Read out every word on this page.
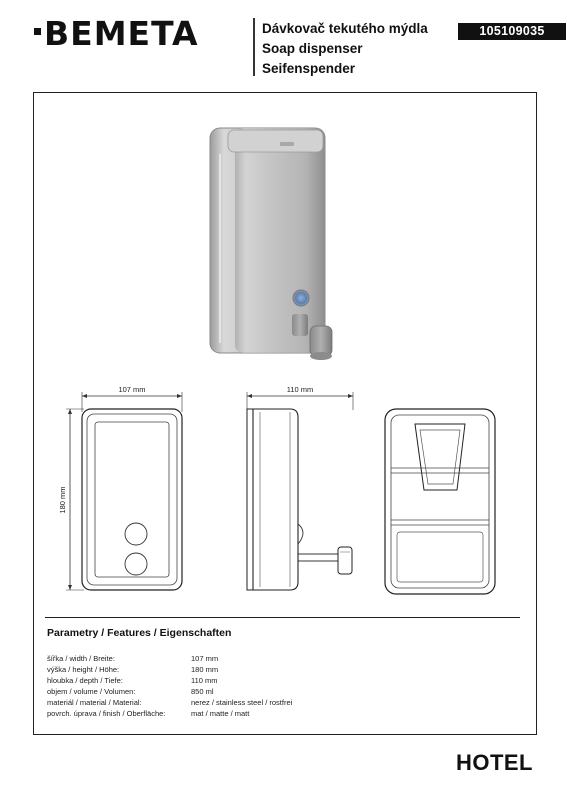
BEMETA	Dávkovač tekutého mýdla
Soap dispenser
Seifenspender
105109035
107 mm
180 mm
110 mm
Parametry / Features / Eigenschaften
šířka / width / Breite:	107 mm
výška / height / Höhe:	180 mm
hloubka / depth / Tiefe:	110 mm
objem / volume / Volumen:	850 ml
materiál / material / Material:	nerez / stainless steel / rostfrei
povrch. úprava / finish / Oberfläche:	mat / matte / matt
HOTEL
